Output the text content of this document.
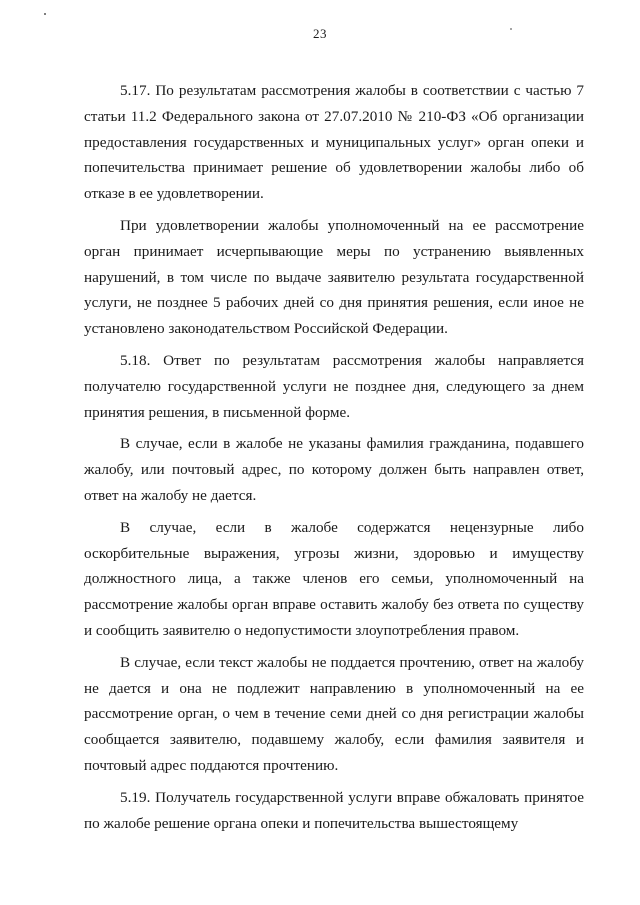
23

5.17. По результатам рассмотрения жалобы в соответствии с частью 7 статьи 11.2 Федерального закона от 27.07.2010 № 210-ФЗ «Об организации предоставления государственных и муниципальных услуг» орган опеки и попечительства принимает решение об удовлетворении жалобы либо об отказе в ее удовлетворении.

При удовлетворении жалобы уполномоченный на ее рассмотрение орган принимает исчерпывающие меры по устранению выявленных нарушений, в том числе по выдаче заявителю результата государственной услуги, не позднее 5 рабочих дней со дня принятия решения, если иное не установлено законодательством Российской Федерации.

5.18. Ответ по результатам рассмотрения жалобы направляется получателю государственной услуги не позднее дня, следующего за днем принятия решения, в письменной форме.

В случае, если в жалобе не указаны фамилия гражданина, подавшего жалобу, или почтовый адрес, по которому должен быть направлен ответ, ответ на жалобу не дается.

В случае, если в жалобе содержатся нецензурные либо оскорбительные выражения, угрозы жизни, здоровью и имуществу должностного лица, а также членов его семьи, уполномоченный на рассмотрение жалобы орган вправе оставить жалобу без ответа по существу и сообщить заявителю о недопустимости злоупотребления правом.

В случае, если текст жалобы не поддается прочтению, ответ на жалобу не дается и она не подлежит направлению в уполномоченный на ее рассмотрение орган, о чем в течение семи дней со дня регистрации жалобы сообщается заявителю, подавшему жалобу, если фамилия заявителя и почтовый адрес поддаются прочтению.

5.19. Получатель государственной услуги вправе обжаловать принятое по жалобе решение органа опеки и попечительства вышестоящему
